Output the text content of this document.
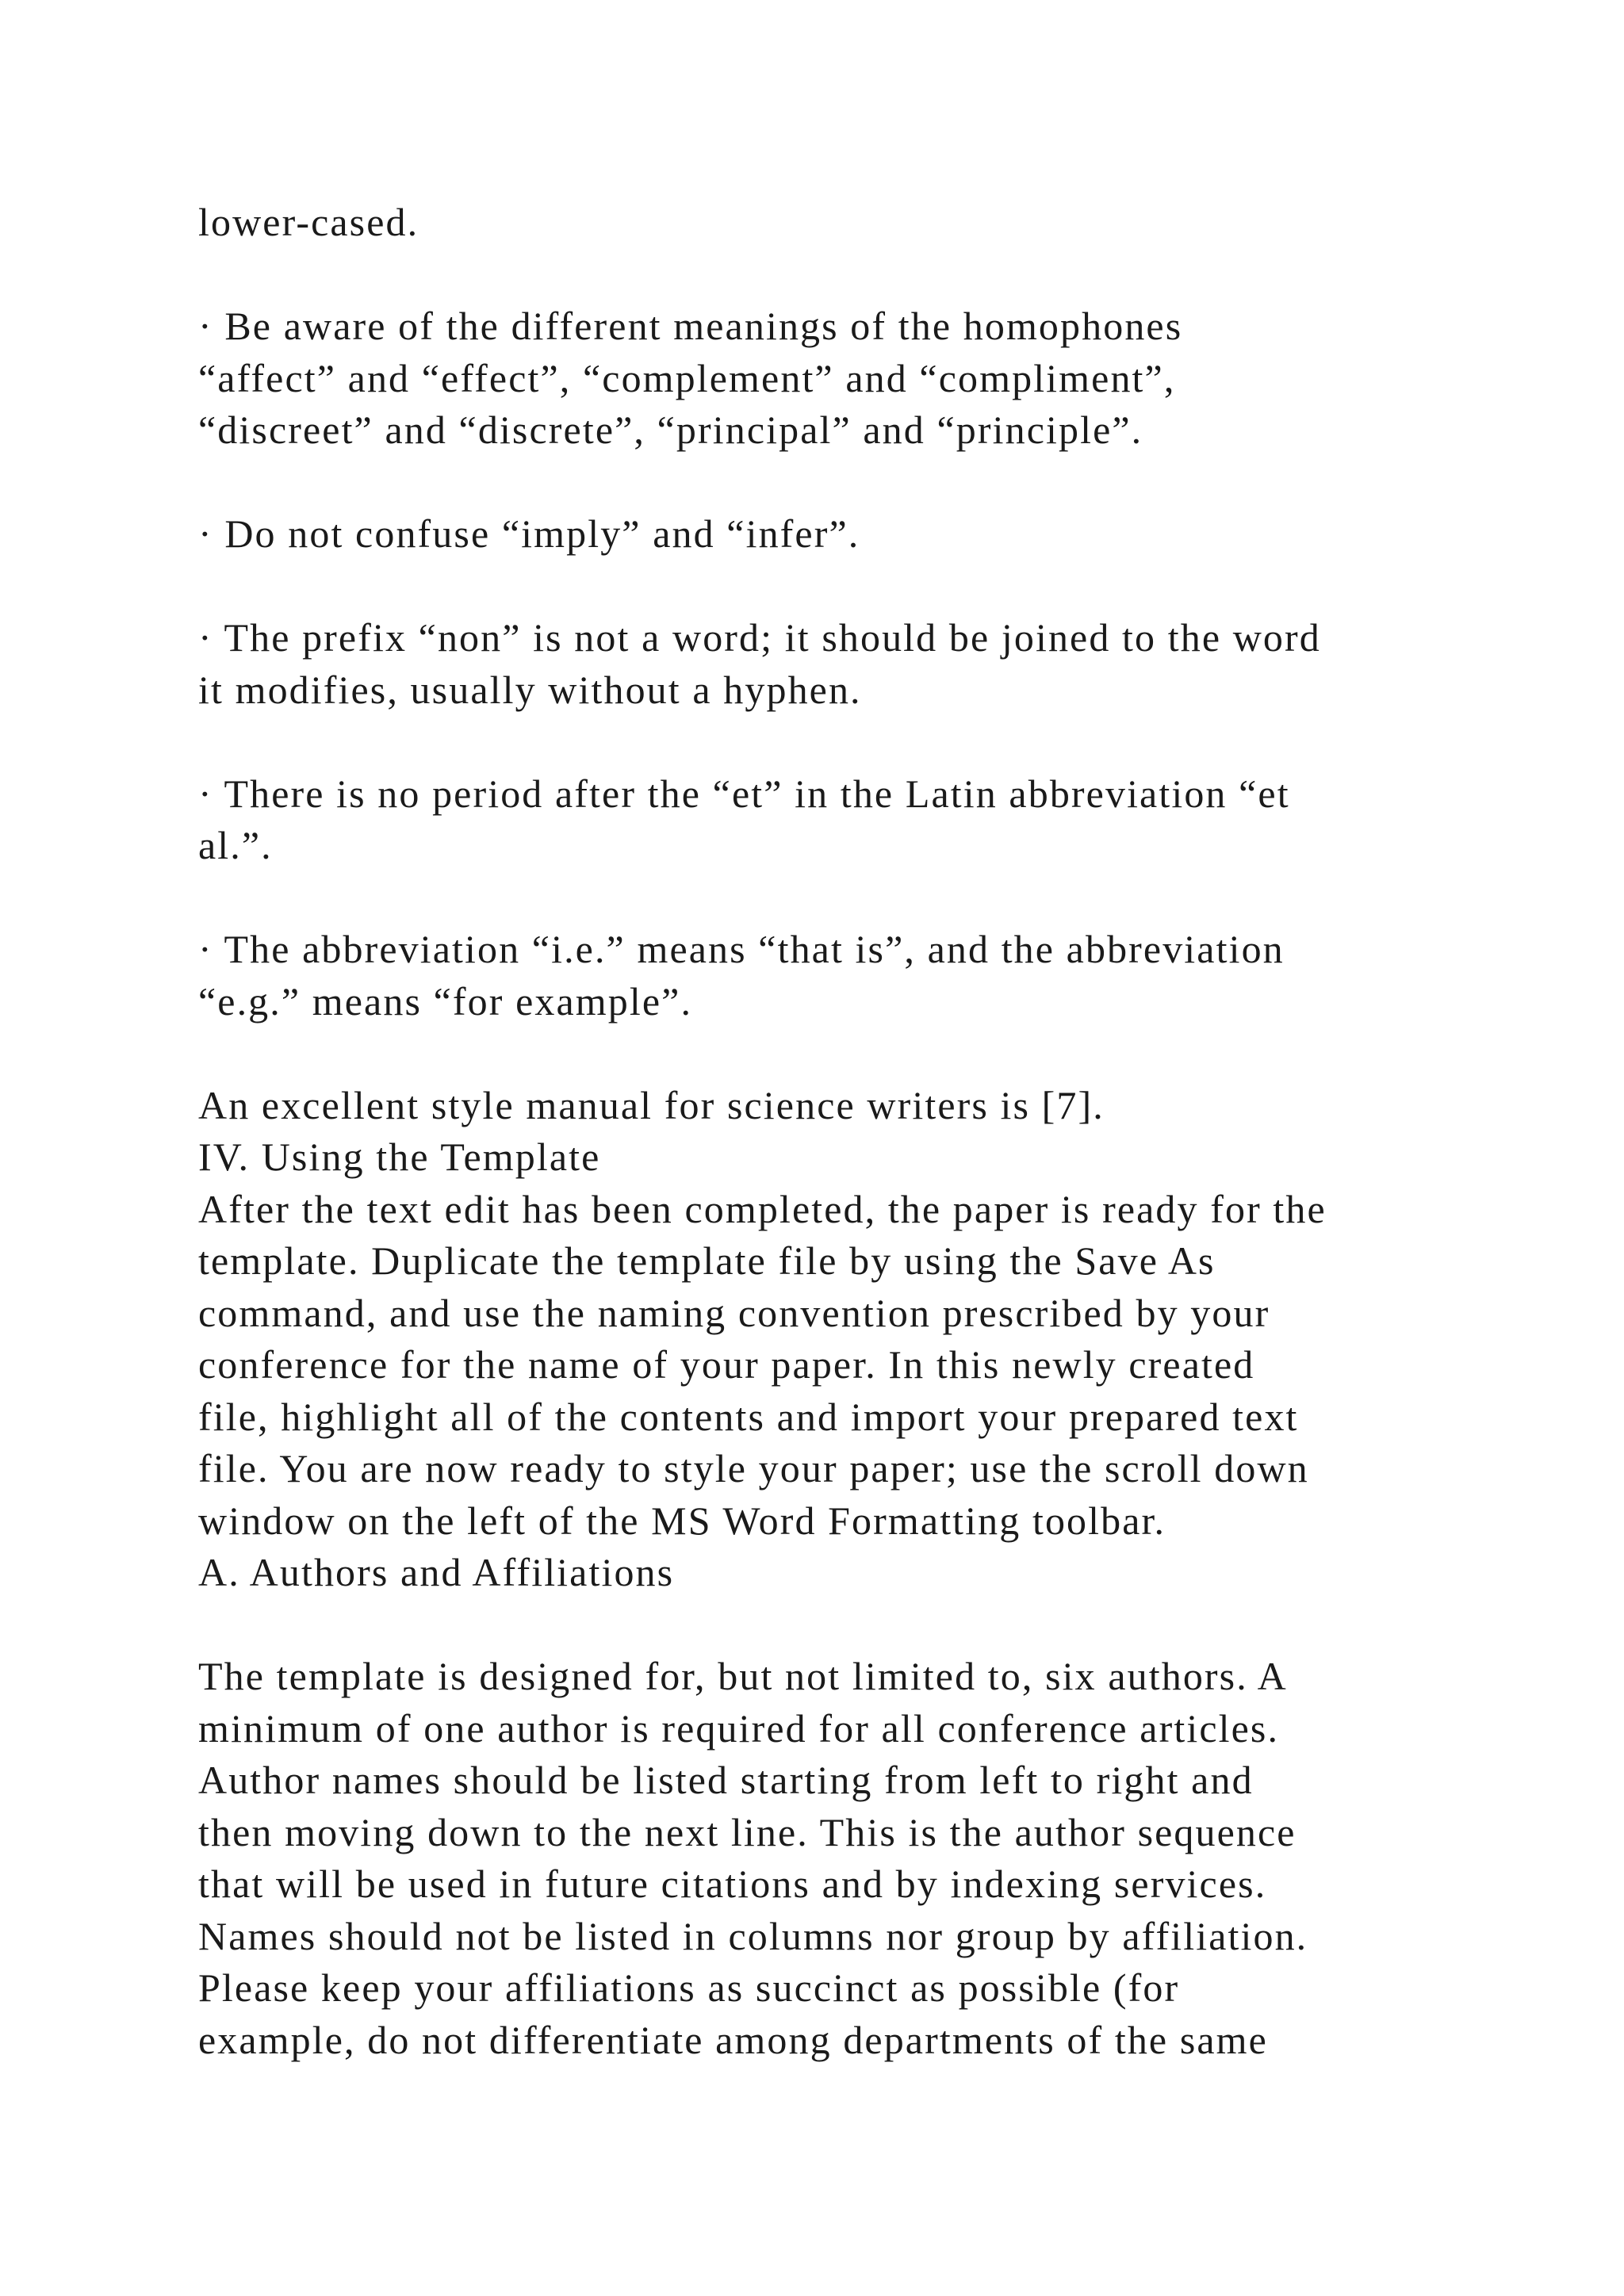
lower-cased.
· Be aware of the different meanings of the homophones
“affect” and “effect”, “complement” and “compliment”,
“discreet” and “discrete”, “principal” and “principle”.
· Do not confuse “imply” and “infer”.
· The prefix “non” is not a word; it should be joined to the word
it modifies, usually without a hyphen.
· There is no period after the “et” in the Latin abbreviation “et
al.”.
· The abbreviation “i.e.” means “that is”, and the abbreviation
“e.g.” means “for example”.
An excellent style manual for science writers is [7].
IV. Using the Template
After the text edit has been completed, the paper is ready for the
template. Duplicate the template file by using the Save As
command, and use the naming convention prescribed by your
conference for the name of your paper. In this newly created
file, highlight all of the contents and import your prepared text
file. You are now ready to style your paper; use the scroll down
window on the left of the MS Word Formatting toolbar.
A. Authors and Affiliations
The template is designed for, but not limited to, six authors. A
minimum of one author is required for all conference articles.
Author names should be listed starting from left to right and
then moving down to the next line. This is the author sequence
that will be used in future citations and by indexing services.
Names should not be listed in columns nor group by affiliation.
Please keep your affiliations as succinct as possible (for
example, do not differentiate among departments of the same
